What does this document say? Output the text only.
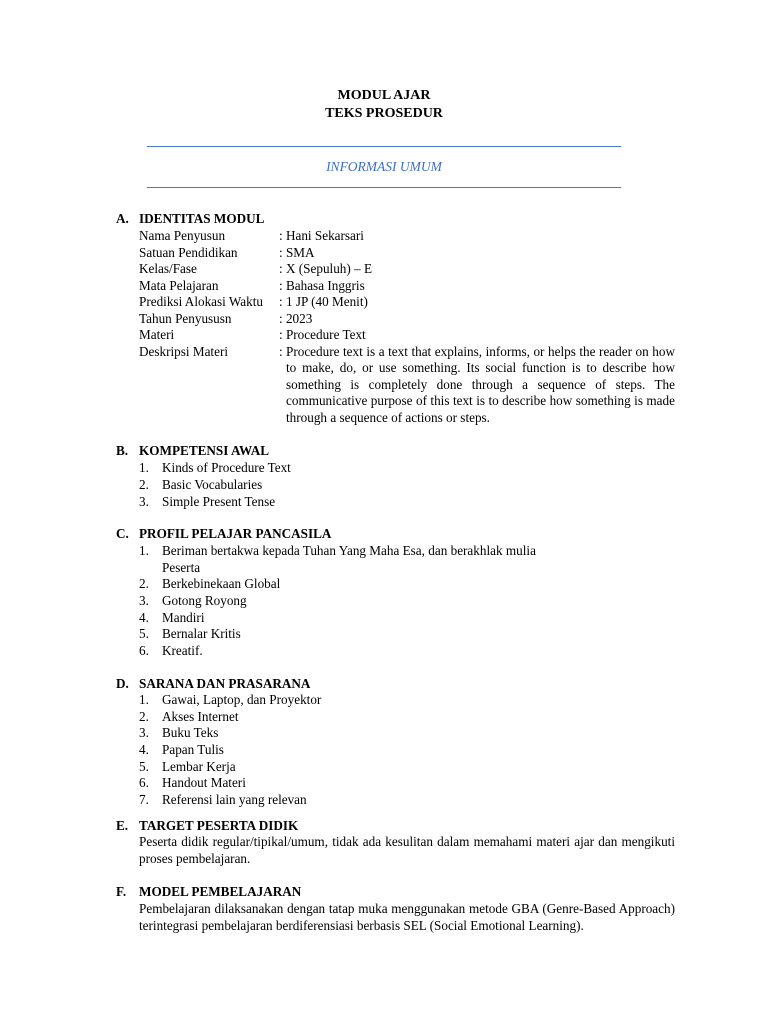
MODUL AJAR
TEKS PROSEDUR
INFORMASI UMUM
A. IDENTITAS MODUL
Nama Penyusun	: Hani Sekarsari
Satuan Pendidikan	: SMA
Kelas/Fase	: X (Sepuluh) – E
Mata Pelajaran	: Bahasa Inggris
Prediksi Alokasi Waktu : 1 JP (40 Menit)
Tahun Penyususn	: 2023
Materi	: Procedure Text
Deskripsi Materi	: Procedure text is a text that explains, informs, or helps the reader on how to make, do, or use something. Its social function is to describe how something is completely done through a sequence of steps. The communicative purpose of this text is to describe how something is made through a sequence of actions or steps.
B. KOMPETENSI AWAL
1. Kinds of Procedure Text
2. Basic Vocabularies
3. Simple Present Tense
C. PROFIL PELAJAR PANCASILA
1. Beriman bertakwa kepada Tuhan Yang Maha Esa, dan berakhlak mulia
Peserta
2. Berkebinekaan Global
3. Gotong Royong
4. Mandiri
5. Bernalar Kritis
6. Kreatif.
D. SARANA DAN PRASARANA
1. Gawai, Laptop, dan Proyektor
2. Akses Internet
3. Buku Teks
4. Papan Tulis
5. Lembar Kerja
6. Handout Materi
7. Referensi lain yang relevan
E. TARGET PESERTA DIDIK
Peserta didik regular/tipikal/umum, tidak ada kesulitan dalam memahami materi ajar dan mengikuti proses pembelajaran.
F. MODEL PEMBELAJARAN
Pembelajaran dilaksanakan dengan tatap muka menggunakan metode GBA (Genre-Based Approach) terintegrasi pembelajaran berdiferensiasi berbasis SEL (Social Emotional Learning).
